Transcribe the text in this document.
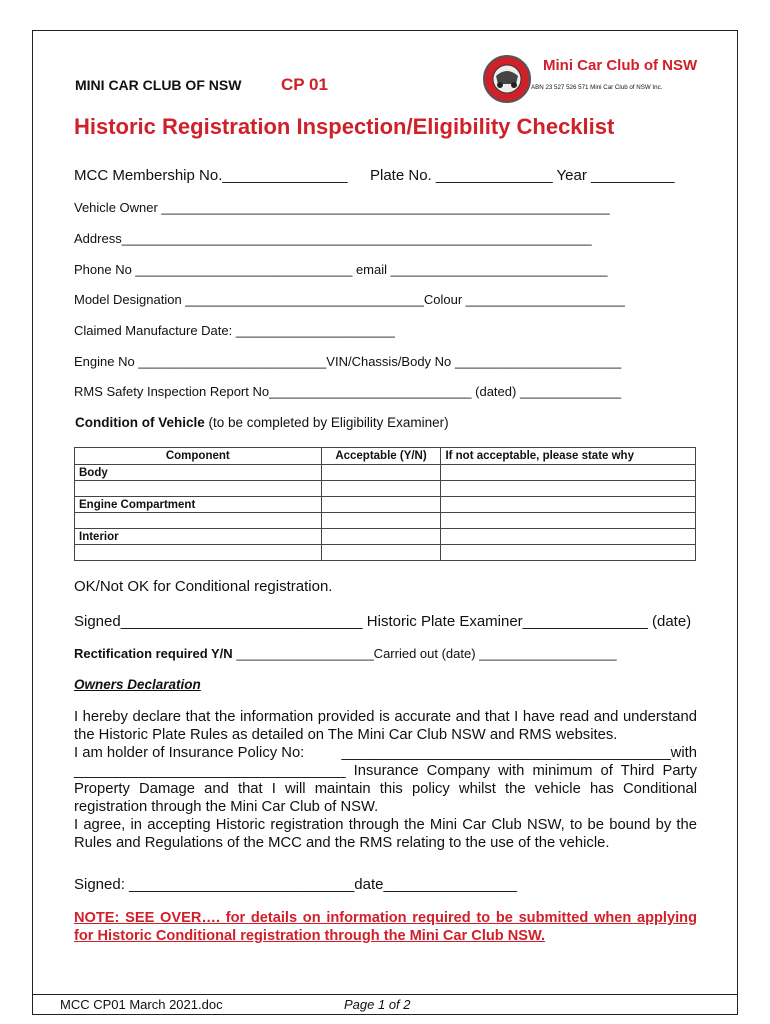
MINI CAR CLUB OF NSW CP 01
Mini Car Club of NSW
ABN 23 527 526 571 Mini Car Club of NSW Inc.
Historic Registration Inspection/Eligibility Checklist
MCC Membership No._______________ Plate No. ______________ Year __________
Vehicle Owner ______________________________________________________________
Address_________________________________________________________________
Phone No ______________________________ email ______________________________
Model Designation _________________________________Colour ______________________
Claimed Manufacture Date: ______________________
Engine No __________________________VIN/Chassis/Body No _______________________
RMS Safety Inspection Report No____________________________ (dated) ______________
Condition of Vehicle (to be completed by Eligibility Examiner)
Component	Acceptable (Y/N)	If not acceptable, please state why
Body		

Engine Compartment		

Interior		

OK/Not OK for Conditional registration.
Signed_____________________________ Historic Plate Examiner_______________ (date)
Rectification required Y/N ___________________Carried out (date) ___________________
Owners Declaration
I hereby declare that the information provided is accurate and that I have read and understand the Historic Plate Rules as detailed on The Mini Car Club NSW and RMS websites.
I am holder of Insurance Policy No:	________________________________________with
_________________________________ Insurance Company with minimum of Third Party Property Damage and that I will maintain this policy whilst the vehicle has Conditional registration through the Mini Car Club of NSW.
I agree, in accepting Historic registration through the Mini Car Club NSW, to be bound by the Rules and Regulations of the MCC and the RMS relating to the use of the vehicle.
Signed: ___________________________date________________
NOTE: SEE OVER…. for details on information required to be submitted when applying for Historic Conditional registration through the Mini Car Club NSW.
MCC CP01 March 2021.doc	Page 1 of 2
